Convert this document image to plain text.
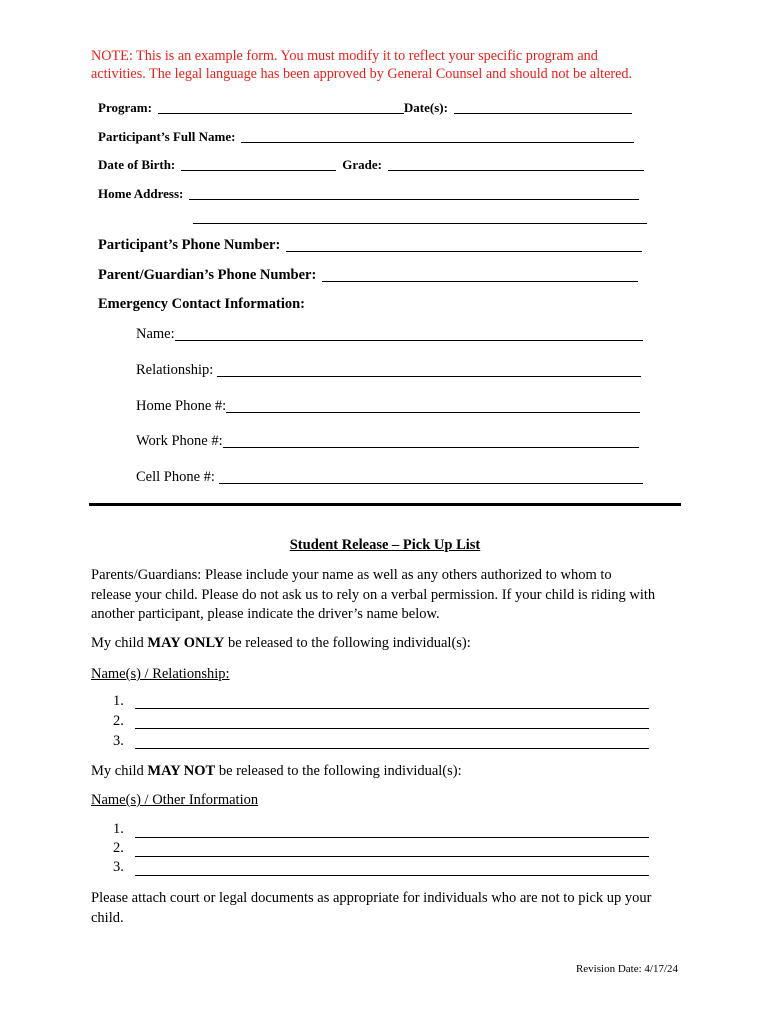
NOTE: This is an example form. You must modify it to reflect your specific program and
activities. The legal language has been approved by General Counsel and should not be altered.
Program:	Date(s):
Participant’s Full Name:
Date of Birth:	Grade:
Home Address:
Participant’s Phone Number:
Parent/Guardian’s Phone Number:
Emergency Contact Information:
Name:
Relationship:
Home Phone #:
Work Phone #:
Cell Phone #:
Student Release – Pick Up List
Parents/Guardians: Please include your name as well as any others authorized to whom to
release your child. Please do not ask us to rely on a verbal permission. If your child is riding with
another participant, please indicate the driver’s name below.
My child MAY ONLY be released to the following individual(s):
Name(s) / Relationship:
1.
2.
3.
My child MAY NOT be released to the following individual(s):
Name(s) / Other Information
1.
2.
3.
Please attach court or legal documents as appropriate for individuals who are not to pick up your
child.
Revision Date: 4/17/24
